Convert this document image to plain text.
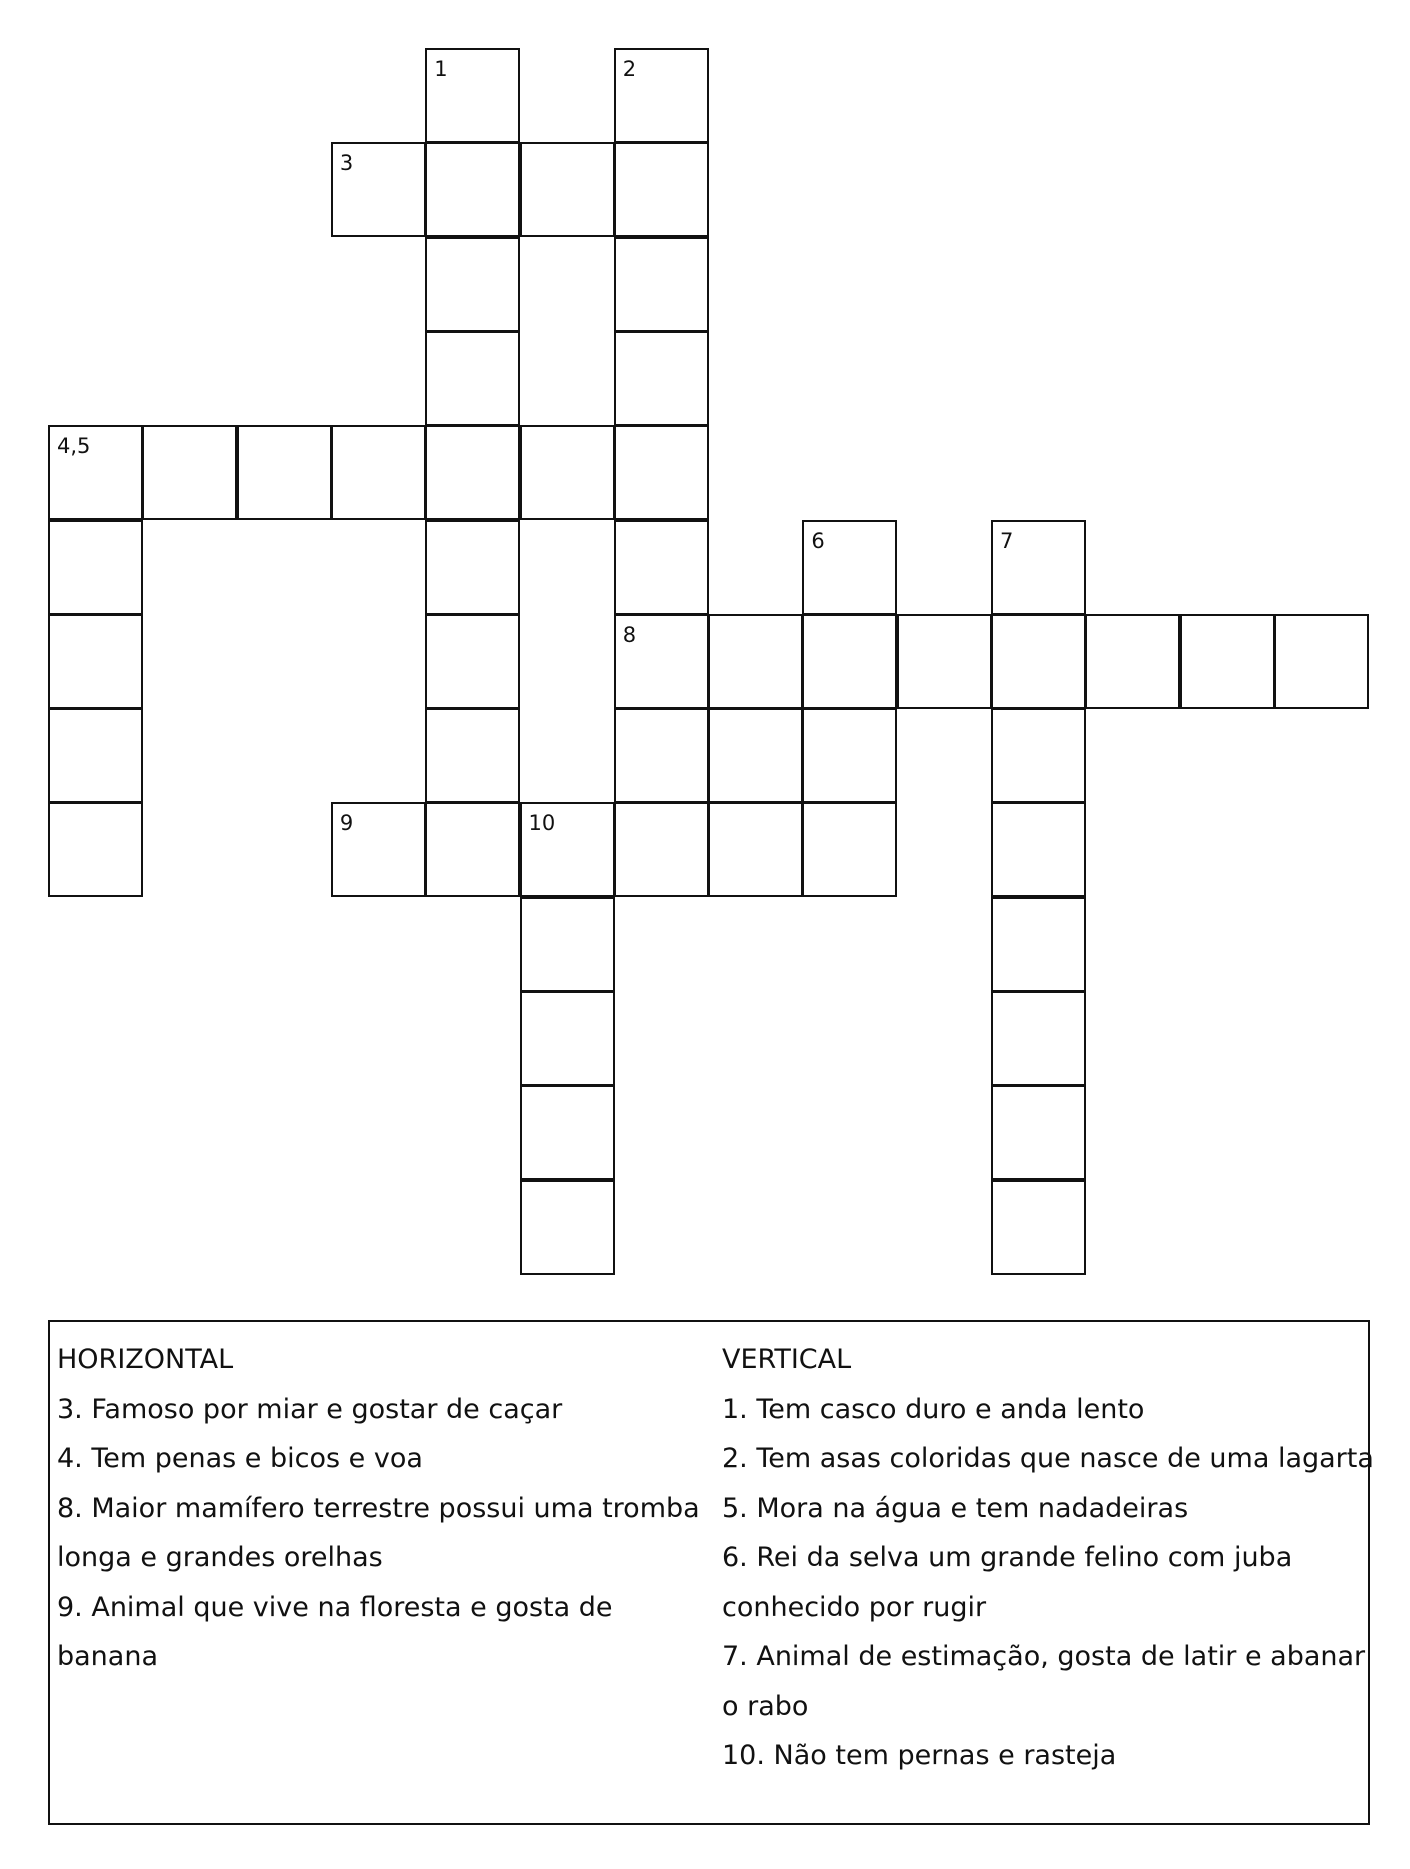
1	2
8
3
4,5
6	7
9	10
HORIZONTAL
3. Famoso por miar e gostar de caçar
4. Tem penas e bicos e voa
8. Maior mamífero terrestre possui uma tromba
longa e grandes orelhas
9. Animal que vive na floresta e gosta de
banana
VERTICAL
1. Tem casco duro e anda lento
2. Tem asas coloridas que nasce de uma lagarta
5. Mora na água e tem nadadeiras
6. Rei da selva um grande felino com juba
conhecido por rugir
7. Animal de estimação, gosta de latir e abanar
o rabo
10. Não tem pernas e rasteja
